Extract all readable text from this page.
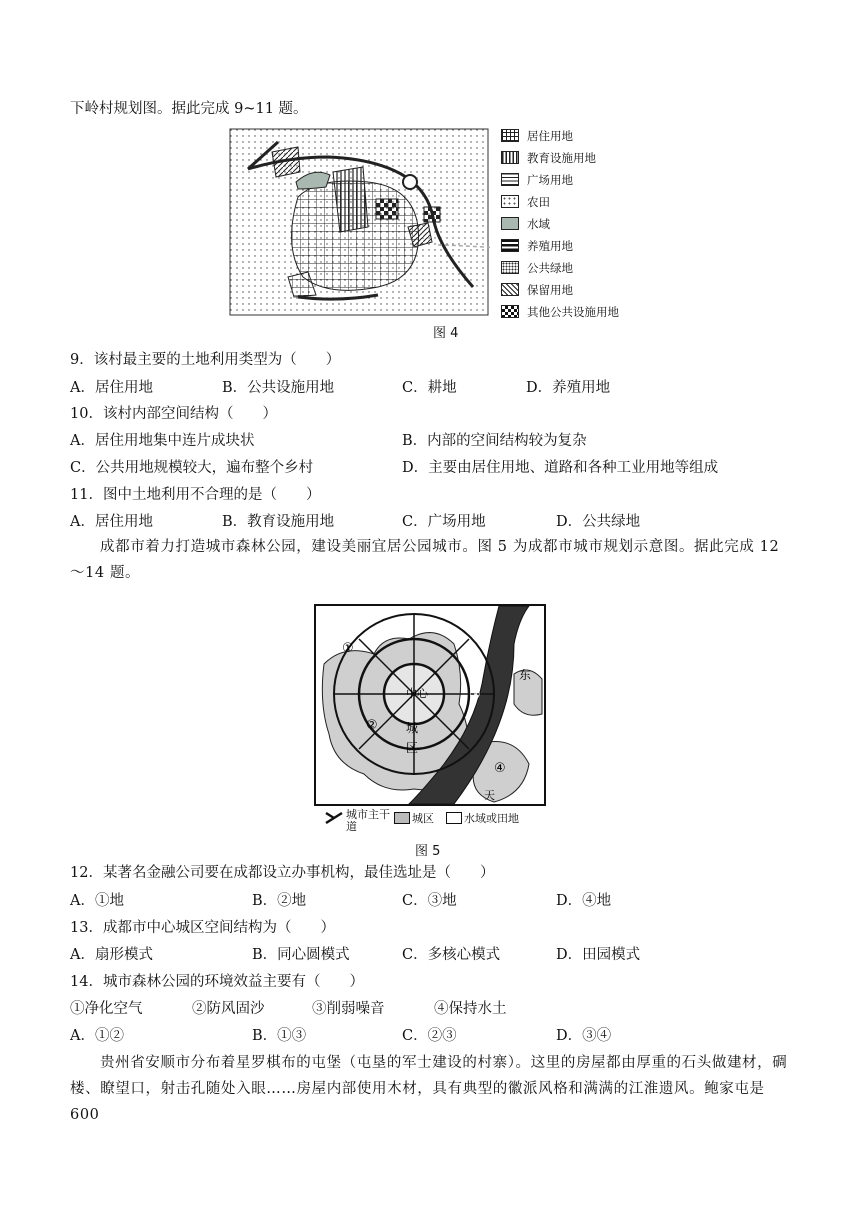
下岭村规划图。据此完成 9~11 题。
图 4
居住用地
教育设施用地
广场用地
农田
水域
养殖用地
公共绿地
保留用地
其他公共设施用地
9．该村最主要的土地利用类型为（　　）
A．居住用地	B．公共设施用地	C．耕地	D．养殖用地
10．该村内部空间结构（　　）
A．居住用地集中连片成块状	B．内部的空间结构较为复杂
C．公共用地规模较大，遍布整个乡村	D．主要由居住用地、道路和各种工业用地等组成
11．图中土地利用不合理的是（　　）
A．居住用地	B．教育设施用地	C．广场用地	D．公共绿地
成都市着力打造城市森林公园，建设美丽宜居公园城市。图 5 为成都市城市规划示意图。据此完成 12～14 题。
①
②
③
④
中心
城
区
东
天
城市主干道
城区	水域或田地
图 5
12．某著名金融公司要在成都设立办事机构，最佳选址是（　　）
A．①地	B．②地	C．③地	D．④地
13．成都市中心城区空间结构为（　　）
A．扇形模式	B．同心圆模式	C．多核心模式	D．田园模式
14．城市森林公园的环境效益主要有（　　）
①净化空气	②防风固沙	③削弱噪音	④保持水土
A．①②	B．①③	C．②③	D．③④
贵州省安顺市分布着星罗棋布的屯堡（屯垦的军士建设的村寨）。这里的房屋都由厚重的石头做建材，碉楼、瞭望口，射击孔随处入眼……房屋内部使用木材，具有典型的徽派风格和满满的江淮遗风。鲍家屯是 600
